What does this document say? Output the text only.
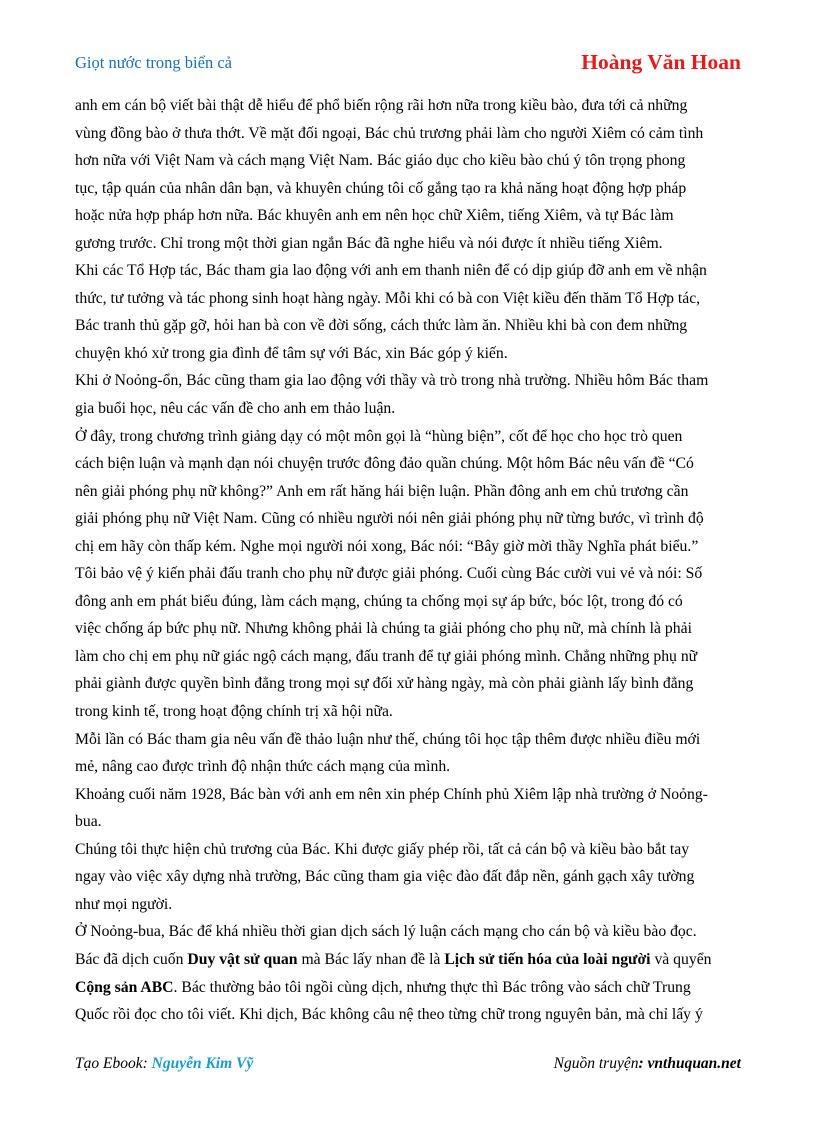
Giọt nước trong biển cả	Hoàng Văn Hoan

anh em cán bộ viết bài thật dễ hiểu để phổ biến rộng rãi hơn nữa trong kiều bào, đưa tới cả những

vùng đồng bào ở thưa thớt. Về mặt đối ngoại, Bác chủ trương phải làm cho người Xiêm có cảm tình

hơn nữa với Việt Nam và cách mạng Việt Nam. Bác giáo dục cho kiều bào chú ý tôn trọng phong

tục, tập quán của nhân dân bạn, và khuyên chúng tôi cố gắng tạo ra khả năng hoạt động hợp pháp

hoặc nửa hợp pháp hơn nữa. Bác khuyên anh em nên học chữ Xiêm, tiếng Xiêm, và tự Bác làm

gương trước. Chỉ trong một thời gian ngắn Bác đã nghe hiểu và nói được ít nhiều tiếng Xiêm.

Khi các Tổ Hợp tác, Bác tham gia lao động với anh em thanh niên để có dịp giúp đỡ anh em về nhận

thức, tư tưởng và tác phong sinh hoạt hàng ngày. Mỗi khi có bà con Việt kiều đến thăm Tổ Hợp tác,

Bác tranh thủ gặp gỡ, hỏi han bà con về đời sống, cách thức làm ăn. Nhiều khi bà con đem những

chuyện khó xử trong gia đình để tâm sự với Bác, xin Bác góp ý kiến.

Khi ở Noỏng-ổn, Bác cũng tham gia lao động với thầy và trò trong nhà trường. Nhiều hôm Bác tham

gia buổi học, nêu các vấn đề cho anh em thảo luận.

Ở đây, trong chương trình giảng dạy có một môn gọi là “hùng biện”, cốt để học cho học trò quen

cách biện luận và mạnh dạn nói chuyện trước đông đảo quần chúng. Một hôm Bác nêu vấn đề “Có

nên giải phóng phụ nữ không?” Anh em rất hăng hái biện luận. Phần đông anh em chủ trương cần

giải phóng phụ nữ Việt Nam. Cũng có nhiều người nói nên giải phóng phụ nữ từng bước, vì trình độ

chị em hãy còn thấp kém. Nghe mọi người nói xong, Bác nói: “Bây giờ mời thầy Nghĩa phát biểu.”

Tôi bảo vệ ý kiến phải đấu tranh cho phụ nữ được giải phóng. Cuối cùng Bác cười vui vẻ và nói: Số

đông anh em phát biểu đúng, làm cách mạng, chúng ta chống mọi sự áp bức, bóc lột, trong đó có

việc chống áp bức phụ nữ. Nhưng không phải là chúng ta giải phóng cho phụ nữ, mà chính là phải

làm cho chị em phụ nữ giác ngộ cách mạng, đấu tranh để tự giải phóng mình. Chẳng những phụ nữ

phải giành được quyền bình đẳng trong mọi sự đối xử hàng ngày, mà còn phải giành lấy bình đẳng

trong kinh tế, trong hoạt động chính trị xã hội nữa.

Mỗi lần có Bác tham gia nêu vấn đề thảo luận như thế, chúng tôi học tập thêm được nhiều điều mới

mẻ, nâng cao được trình độ nhận thức cách mạng của mình.

Khoảng cuối năm 1928, Bác bàn với anh em nên xin phép Chính phủ Xiêm lập nhà trường ở Noỏng-

bua.

Chúng tôi thực hiện chủ trương của Bác. Khi được giấy phép rồi, tất cả cán bộ và kiều bào bắt tay

ngay vào việc xây dựng nhà trường, Bác cũng tham gia việc đào đất đắp nền, gánh gạch xây tường

như mọi người.

Ở Noỏng-bua, Bác để khá nhiều thời gian dịch sách lý luận cách mạng cho cán bộ và kiều bào đọc.

Bác đã dịch cuốn Duy vật sử quan mà Bác lấy nhan đề là Lịch sử tiến hóa của loài người và quyển

Cộng sản ABC. Bác thường bảo tôi ngồi cùng dịch, nhưng thực thì Bác trông vào sách chữ Trung

Quốc rồi đọc cho tôi viết. Khi dịch, Bác không câu nệ theo từng chữ trong nguyên bản, mà chỉ lấy ý

Tạo Ebook: Nguyễn Kim Vỹ	Nguồn truyện: vnthuquan.net
